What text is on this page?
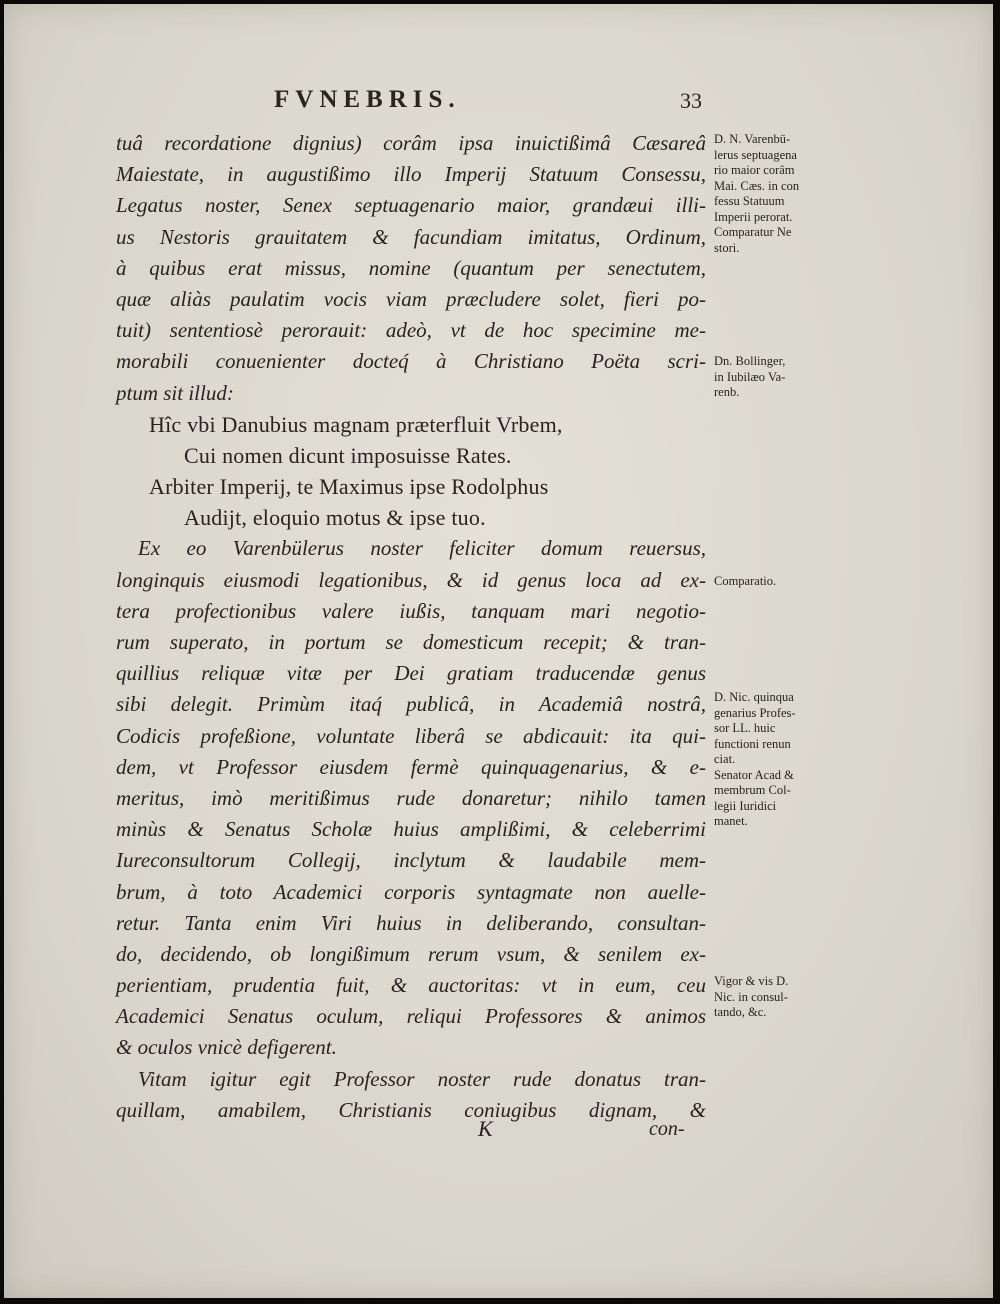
FVNEBRIS.	33
tuâ recordatione dignius) corâm ipsa inuictißimâ Cæsareâ
Maiestate, in augustißimo illo Imperij Statuum Consessu,
Legatus noster, Senex septuagenario maior, grandæui illi-
us Nestoris grauitatem & facundiam imitatus, Ordinum,
à quibus erat missus, nomine (quantum per senectutem,
quæ aliàs paulatim vocis viam præcludere solet, fieri po-
tuit) sententiosè perorauit: adeò, vt de hoc specimine me-
morabili conuenienter docteq́ à Christiano Poëta scri-
ptum sit illud:
Hîc vbi Danubius magnam præterfluit Vrbem,
Cui nomen dicunt imposuisse Rates.
Arbiter Imperij, te Maximus ipse Rodolphus
Audijt, eloquio motus & ipse tuo.
Ex eo Varenbülerus noster feliciter domum reuersus,
longinquis eiusmodi legationibus, & id genus loca ad ex-
tera profectionibus valere iußis, tanquam mari negotio-
rum superato, in portum se domesticum recepit; & tran-
quillius reliquæ vitæ per Dei gratiam traducendæ genus
sibi delegit. Primùm itaq́ publicâ, in Academiâ nostrâ,
Codicis profeßione, voluntate liberâ se abdicauit: ita qui-
dem, vt Professor eiusdem fermè quinquagenarius, & e-
meritus, imò meritißimus rude donaretur; nihilo tamen
minùs & Senatus Scholæ huius amplißimi, & celeberrimi
Iureconsultorum Collegij, inclytum & laudabile mem-
brum, à toto Academici corporis syntagmate non auelle-
retur. Tanta enim Viri huius in deliberando, consultan-
do, decidendo, ob longißimum rerum vsum, & senilem ex-
perientiam, prudentia fuit, & auctoritas: vt in eum, ceu
Academici Senatus oculum, reliqui Professores & animos
& oculos vnicè defigerent.
Vitam igitur egit Professor noster rude donatus tran-
quillam, amabilem, Christianis coniugibus dignam, &
K	con-
D. N. Varenbü-
lerus septuagena
rio maior corâm
Mai. Cæs. in con
fessu Statuum
Imperii perorat.
Comparatur Ne
stori.
Dn. Bollinger,
in Iubilæo Va-
renb.
Comparatio.
D. Nic. quinqua
genarius Profes-
sor LL. huic
functioni renun
ciat.
Senator Acad &
membrum Col-
legii Iuridici
manet.
Vigor & vis D.
Nic. in consul-
tando, &c.
